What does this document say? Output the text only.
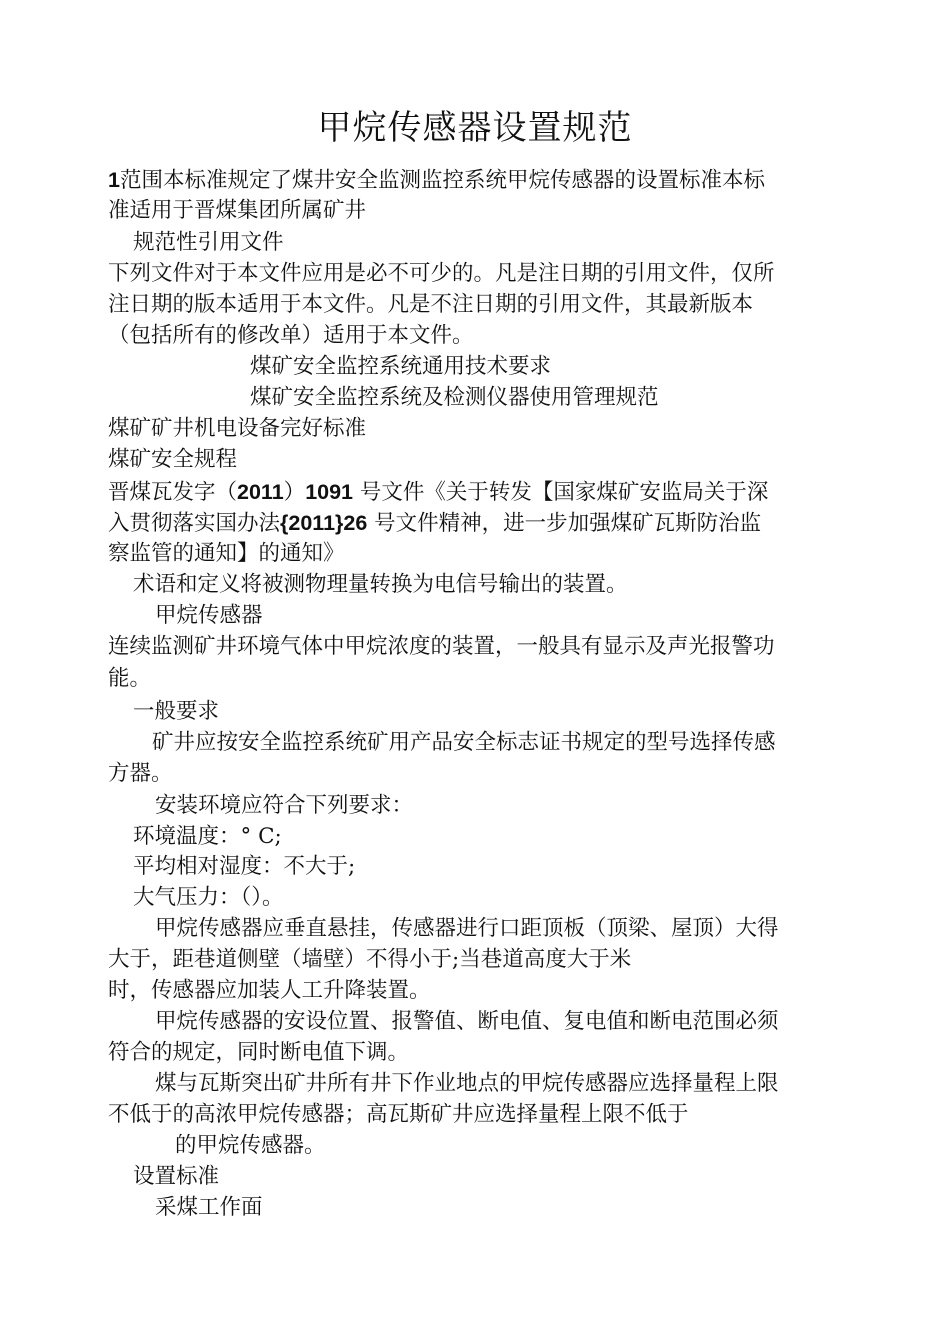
甲烷传感器设置规范
1范围本标准规定了煤井安全监测监控系统甲烷传感器的设置标准本标
准适用于晋煤集团所属矿井
规范性引用文件
下列文件对于本文件应用是必不可少的。凡是注日期的引用文件，仅所
注日期的版本适用于本文件。凡是不注日期的引用文件，其最新版本
（包括所有的修改单）适用于本文件。
煤矿安全监控系统通用技术要求
煤矿安全监控系统及检测仪器使用管理规范
煤矿矿井机电设备完好标准
煤矿安全规程
晋煤瓦发字（2011）1091 号文件《关于转发【国家煤矿安监局关于深
入贯彻落实国办法{2011}26 号文件精神，进一步加强煤矿瓦斯防治监
察监管的通知】的通知》
术语和定义将被测物理量转换为电信号输出的装置。
甲烷传感器
连续监测矿井环境气体中甲烷浓度的装置，一般具有显示及声光报警功
能。
一般要求
矿井应按安全监控系统矿用产品安全标志证书规定的型号选择传感
方器。
安装环境应符合下列要求：
环境温度：° C;
平均相对湿度：不大于;
大气压力：（）。
甲烷传感器应垂直悬挂，传感器进行口距顶板（顶梁、屋顶）大得
大于，距巷道侧壁（墙壁）不得小于;当巷道高度大于米
时，传感器应加装人工升降装置。
甲烷传感器的安设位置、报警值、断电值、复电值和断电范围必须
符合的规定，同时断电值下调。
煤与瓦斯突出矿井所有井下作业地点的甲烷传感器应选择量程上限
不低于的高浓甲烷传感器；高瓦斯矿井应选择量程上限不低于
的甲烷传感器。
设置标准
采煤工作面
